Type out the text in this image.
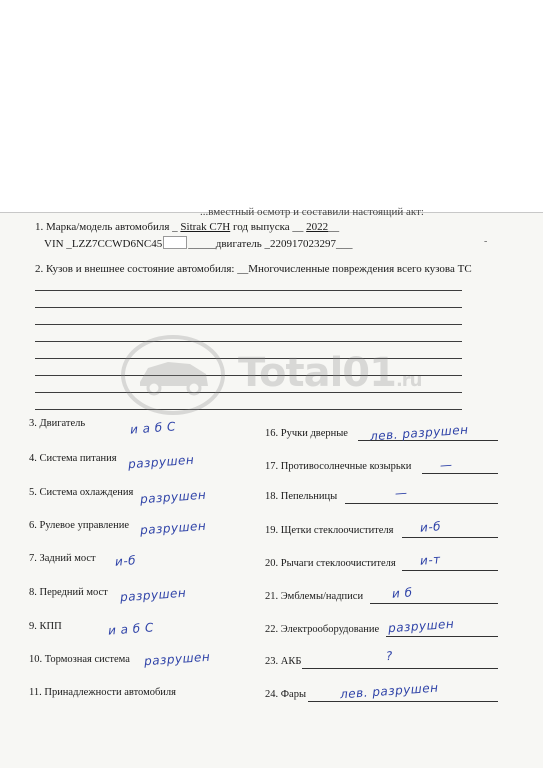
...вместный осмотр и составили настоящий акт:
1. Марка/модель автомобиля _ Sitrak C7H год выпуска __ 2022__
VIN _LZZ7CCWD6NC45 _____двигатель _220917023297___	-
2. Кузов и внешнее состояние автомобиля: __Многочисленные повреждения всего кузова ТС
Total01.ru
3. Двигатель	и а б С
4. Система питания разрушен
5. Система охлаждения разрушен
6. Рулевое управление разрушен
7. Задний мост и-б
8. Передний мост разрушен
9. КПП	и а б С
10. Тормозная система разрушен
11. Принадлежности автомобиля
16. Ручки дверные лев. разрушен
17. Противосолнечные козырьки —
18. Пепельницы	—
19. Щетки стеклоочистителя и-б
20. Рычаги стеклоочистителя и-т
21. Эмблемы/надписи и б
22. Электрооборудование разрушен
23. АКБ	?
24. Фары	лев. разрушен
